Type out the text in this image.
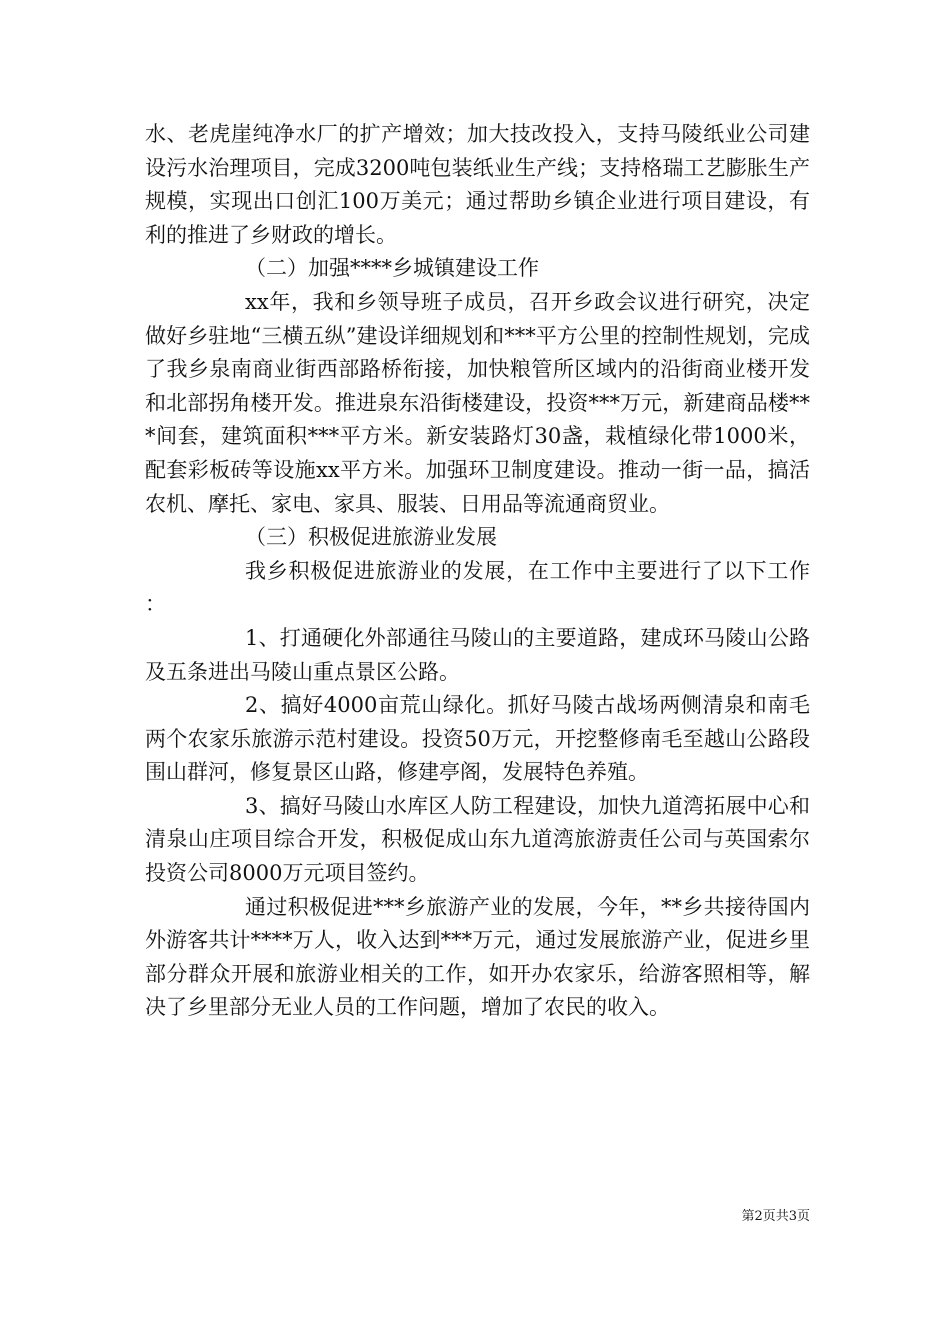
水、老虎崖纯净水厂的扩产增效；加大技改投入，支持马陵纸业公司建设污水治理项目，完成3200吨包装纸业生产线；支持格瑞工艺膨胀生产规模，实现出口创汇100万美元；通过帮助乡镇企业进行项目建设，有利的推进了乡财政的增长。

（二）加强****乡城镇建设工作

xx年，我和乡领导班子成员，召开乡政会议进行研究，决定做好乡驻地“三横五纵”建设详细规划和***平方公里的控制性规划，完成了我乡泉南商业街西部路桥衔接，加快粮管所区域内的沿街商业楼开发和北部拐角楼开发。推进泉东沿街楼建设，投资***万元，新建商品楼***间套，建筑面积***平方米。新安装路灯30盏，栽植绿化带1000米，配套彩板砖等设施xx平方米。加强环卫制度建设。推动一街一品，搞活农机、摩托、家电、家具、服装、日用品等流通商贸业。

（三）积极促进旅游业发展

我乡积极促进旅游业的发展，在工作中主要进行了以下工作：

1、打通硬化外部通往马陵山的主要道路，建成环马陵山公路及五条进出马陵山重点景区公路。

2、搞好4000亩荒山绿化。抓好马陵古战场两侧清泉和南毛两个农家乐旅游示范村建设。投资50万元，开挖整修南毛至越山公路段围山群河，修复景区山路，修建亭阁，发展特色养殖。

3、搞好马陵山水库区人防工程建设，加快九道湾拓展中心和清泉山庄项目综合开发，积极促成山东九道湾旅游责任公司与英国索尔投资公司8000万元项目签约。

通过积极促进***乡旅游产业的发展，今年，**乡共接待国内外游客共计****万人，收入达到***万元，通过发展旅游产业，促进乡里部分群众开展和旅游业相关的工作，如开办农家乐，给游客照相等，解决了乡里部分无业人员的工作问题，增加了农民的收入。

第2页共3页
